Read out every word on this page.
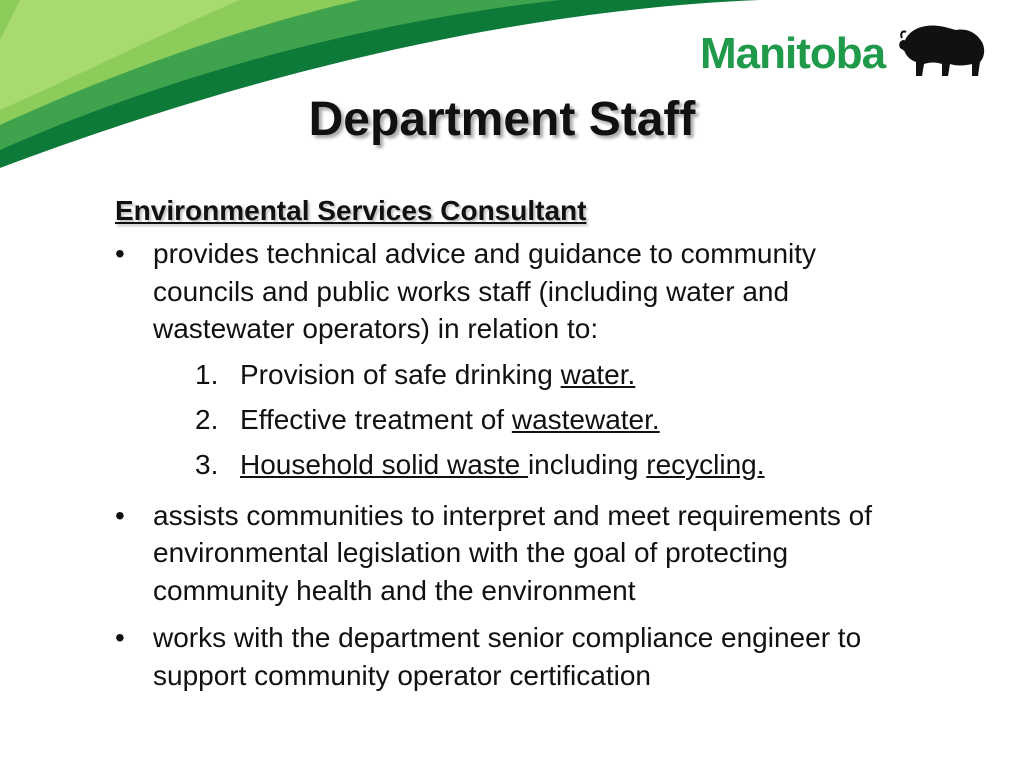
Manitoba
Department Staff
Environmental Services Consultant

• provides technical advice and guidance to community councils and public works staff (including water and wastewater operators) in relation to:

1. Provision of safe drinking water.
2. Effective treatment of wastewater.
3. Household solid waste including recycling.

• assists communities to interpret and meet requirements of environmental legislation with the goal of protecting community health and the environment

• works with the department senior compliance engineer to support community operator certification
